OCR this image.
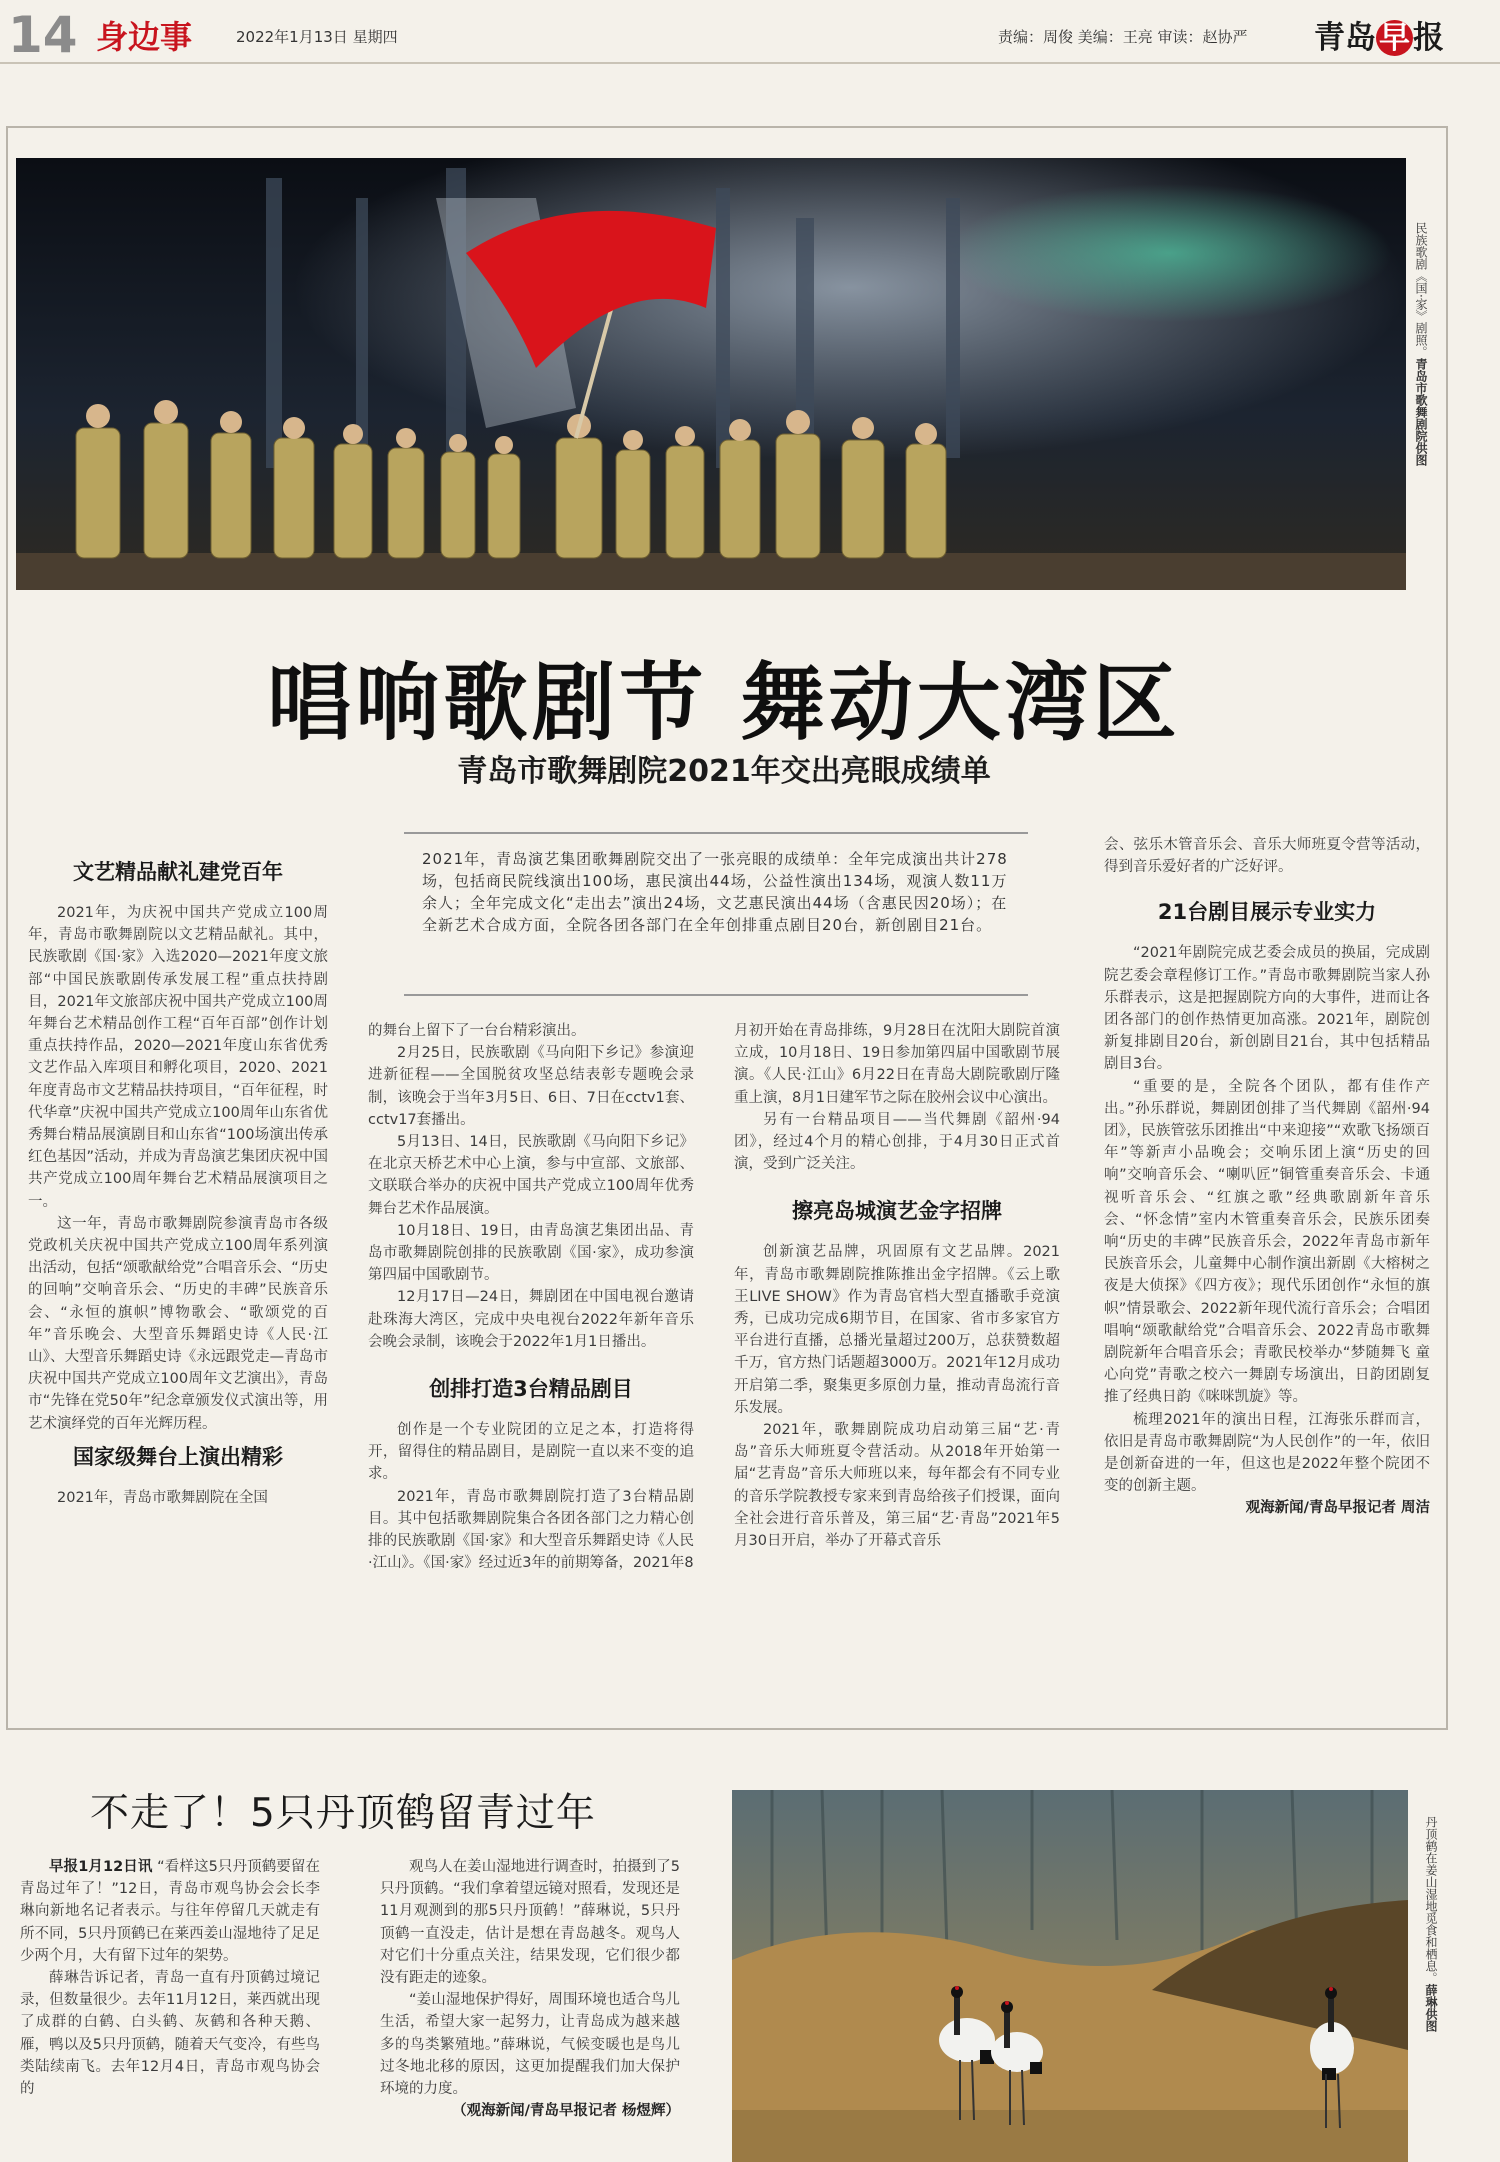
14 身边事	2022年1月13日 星期四	责编：周俊 美编：王亮 审读：赵协严 青岛早报
民族歌剧《国·家》剧照。青岛市歌舞剧院供图
唱响歌剧节 舞动大湾区
青岛市歌舞剧院2021年交出亮眼成绩单
2021年，青岛演艺集团歌舞剧院交出了一张亮眼的成绩单：全年完成演出共计278场，包括商民院线演出100场，惠民演出44场，公益性演出134场，观演人数11万余人；全年完成文化“走出去”演出24场，文艺惠民演出44场（含惠民因20场）；在全新艺术合成方面，全院各团各部门在全年创排重点剧目20台，新创剧目21台。
文艺精品献礼建党百年

2021年，为庆祝中国共产党成立100周年，青岛市歌舞剧院以文艺精品献礼。其中，民族歌剧《国·家》入选2020—2021年度文旅部“中国民族歌剧传承发展工程”重点扶持剧目，2021年文旅部庆祝中国共产党成立100周年舞台艺术精品创作工程“百年百部”创作计划重点扶持作品，2020—2021年度山东省优秀文艺作品入库项目和孵化项目，2020、2021年度青岛市文艺精品扶持项目，“百年征程，时代华章”庆祝中国共产党成立100周年山东省优秀舞台精品展演剧目和山东省“100场演出传承红色基因”活动，并成为青岛演艺集团庆祝中国共产党成立100周年舞台艺术精品展演项目之一。

这一年，青岛市歌舞剧院参演青岛市各级党政机关庆祝中国共产党成立100周年系列演出活动，包括“颂歌献给党”合唱音乐会、“历史的回响”交响音乐会、“历史的丰碑”民族音乐会、“永恒的旗帜”博物歌会、“歌颂党的百年”音乐晚会、大型音乐舞蹈史诗《人民·江山》、大型音乐舞蹈史诗《永远跟党走—青岛市庆祝中国共产党成立100周年文艺演出》，青岛市“先锋在党50年”纪念章颁发仪式演出等，用艺术演绎党的百年光辉历程。

国家级舞台上演出精彩

2021年，青岛市歌舞剧院在全国

的舞台上留下了一台台精彩演出。

2月25日，民族歌剧《马向阳下乡记》参演迎进新征程——全国脱贫攻坚总结表彰专题晚会录制，该晚会于当年3月5日、6日、7日在cctv1套、cctv17套播出。

5月13日、14日，民族歌剧《马向阳下乡记》在北京天桥艺术中心上演，参与中宣部、文旅部、文联联合举办的庆祝中国共产党成立100周年优秀舞台艺术作品展演。

10月18日、19日，由青岛演艺集团出品、青岛市歌舞剧院创排的民族歌剧《国·家》，成功参演第四届中国歌剧节。

12月17日—24日，舞剧团在中国电视台邀请赴珠海大湾区，完成中央电视台2022年新年音乐会晚会录制，该晚会于2022年1月1日播出。

创排打造3台精品剧目

创作是一个专业院团的立足之本，打造将得开，留得住的精品剧目，是剧院一直以来不变的追求。

2021年，青岛市歌舞剧院打造了3台精品剧目。其中包括歌舞剧院集合各团各部门之力精心创排的民族歌剧《国·家》和大型音乐舞蹈史诗《人民·江山》。《国·家》经过近3年的前期筹备，2021年8

月初开始在青岛排练，9月28日在沈阳大剧院首演立成，10月18日、19日参加第四届中国歌剧节展演。《人民·江山》6月22日在青岛大剧院歌剧厅隆重上演，8月1日建军节之际在胶州会议中心演出。

另有一台精品项目——当代舞剧《韶州·94团》，经过4个月的精心创排，于4月30日正式首演，受到广泛关注。

擦亮岛城演艺金字招牌

创新演艺品牌，巩固原有文艺品牌。2021年，青岛市歌舞剧院推陈推出金字招牌。《云上歌王LIVE SHOW》作为青岛官档大型直播歌手竞演秀，已成功完成6期节目，在国家、省市多家官方平台进行直播，总播光量超过200万，总获赞数超千万，官方热门话题超3000万。2021年12月成功开启第二季，聚集更多原创力量，推动青岛流行音乐发展。

2021年，歌舞剧院成功启动第三届“艺·青岛”音乐大师班夏令营活动。从2018年开始第一届“艺青岛”音乐大师班以来，每年都会有不同专业的音乐学院教授专家来到青岛给孩子们授课，面向全社会进行音乐普及，第三届“艺·青岛”2021年5月30日开启，举办了开幕式音乐

会、弦乐木管音乐会、音乐大师班夏令营等活动，得到音乐爱好者的广泛好评。

21台剧目展示专业实力

“2021年剧院完成艺委会成员的换届，完成剧院艺委会章程修订工作。”青岛市歌舞剧院当家人孙乐群表示，这是把握剧院方向的大事件，进而让各团各部门的创作热情更加高涨。2021年，剧院创新复排剧目20台，新创剧目21台，其中包括精品剧目3台。

“重要的是，全院各个团队，都有佳作产出。”孙乐群说，舞剧团创排了当代舞剧《韶州·94团》，民族管弦乐团推出“中来迎接”“欢歌飞扬颂百年”等新声小品晚会；交响乐团上演“历史的回响”交响音乐会、“喇叭匠”铜管重奏音乐会、卡通视听音乐会、“红旗之歌”经典歌剧新年音乐会、“怀念情”室内木管重奏音乐会，民族乐团奏响“历史的丰碑”民族音乐会，2022年青岛市新年民族音乐会，儿童舞中心制作演出新剧《大榕树之夜是大侦探》《四方夜》；现代乐团创作“永恒的旗帜”情景歌会、2022新年现代流行音乐会；合唱团唱响“颂歌献给党”合唱音乐会、2022青岛市歌舞剧院新年合唱音乐会；青歌民校举办“梦随舞飞 童心向党”青歌之校六一舞剧专场演出，日韵团剧复推了经典日韵《咪咪凯旋》等。

梳理2021年的演出日程，江海张乐群而言，依旧是青岛市歌舞剧院“为人民创作”的一年，依旧是创新奋进的一年，但这也是2022年整个院团不变的创新主题。

观海新闻/青岛早报记者 周洁
不走了！5只丹顶鹤留青过年

早报1月12日讯 “看样这5只丹顶鹤要留在青岛过年了！”12日，青岛市观鸟协会会长李琳向新地名记者表示。与往年停留几天就走有所不同，5只丹顶鹤已在莱西姜山湿地待了足足少两个月，大有留下过年的架势。

薛琳告诉记者，青岛一直有丹顶鹤过境记录，但数量很少。去年11月12日，莱西就出现了成群的白鹤、白头鹤、灰鹤和各种天鹅、雁，鸭以及5只丹顶鹤，随着天气变冷，有些鸟类陆续南飞。去年12月4日，青岛市观鸟协会的

观鸟人在姜山湿地进行调查时，拍摄到了5只丹顶鹤。“我们拿着望远镜对照看，发现还是11月观测到的那5只丹顶鹤！”薛琳说，5只丹顶鹤一直没走，估计是想在青岛越冬。观鸟人对它们十分重点关注，结果发现，它们很少都没有距走的迹象。

“姜山湿地保护得好，周围环境也适合鸟儿生活，希望大家一起努力，让青岛成为越来越多的鸟类繁殖地。”薛琳说，气候变暖也是鸟儿过冬地北移的原因，这更加提醒我们加大保护环境的力度。

（观海新闻/青岛早报记者 杨煜辉）
丹顶鹤在姜山湿地觅食和栖息。薛琳供图
